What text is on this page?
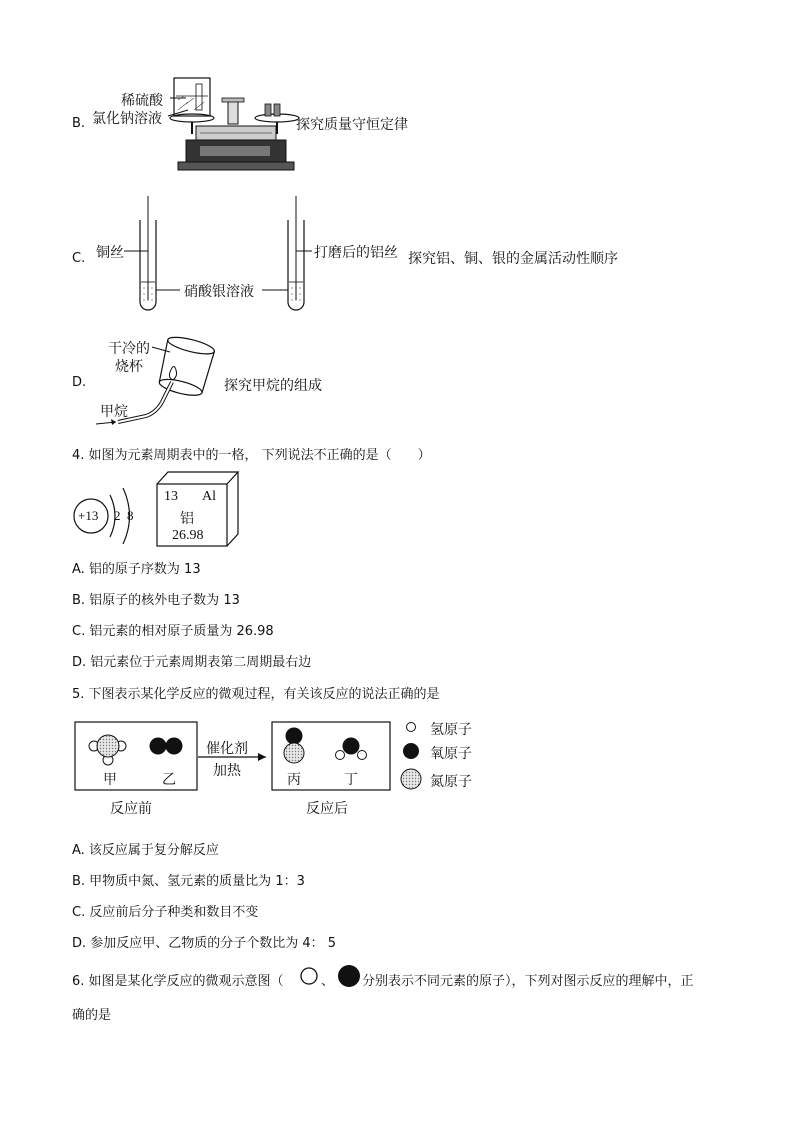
B.
稀硫酸
氯化钠溶液	探究质量守恒定律
C. 铜丝	打磨后的铝丝
硝酸银溶液
探究铝、铜、银的金属活动性顺序
D.
干冷的
烧杯
甲烷
探究甲烷的组成
4. 如图为元素周期表中的一格， 下列说法不正确的是（　　）
+13 2 8
13 Al
铝
26.98
A. 铝的原子序数为 13
B. 铝原子的核外电子数为 13
C. 铝元素的相对原子质量为 26.98
D. 铝元素位于元素周期表第二周期最右边
5. 下图表示某化学反应的微观过程，有关该反应的说法正确的是
甲	乙
催化剂
加热
丙	丁
反应前	反应后
氢原子
氧原子
氮原子
A. 该反应属于复分解反应
B. 甲物质中氮、氢元素的质量比为 1：3
C. 反应前后分子种类和数目不变
D. 参加反应甲、乙物质的分子个数比为 4： 5
6. 如图是某化学反应的微观示意图（	、 分别表示不同元素的原子），下列对图示反应的理解中，正
确的是
